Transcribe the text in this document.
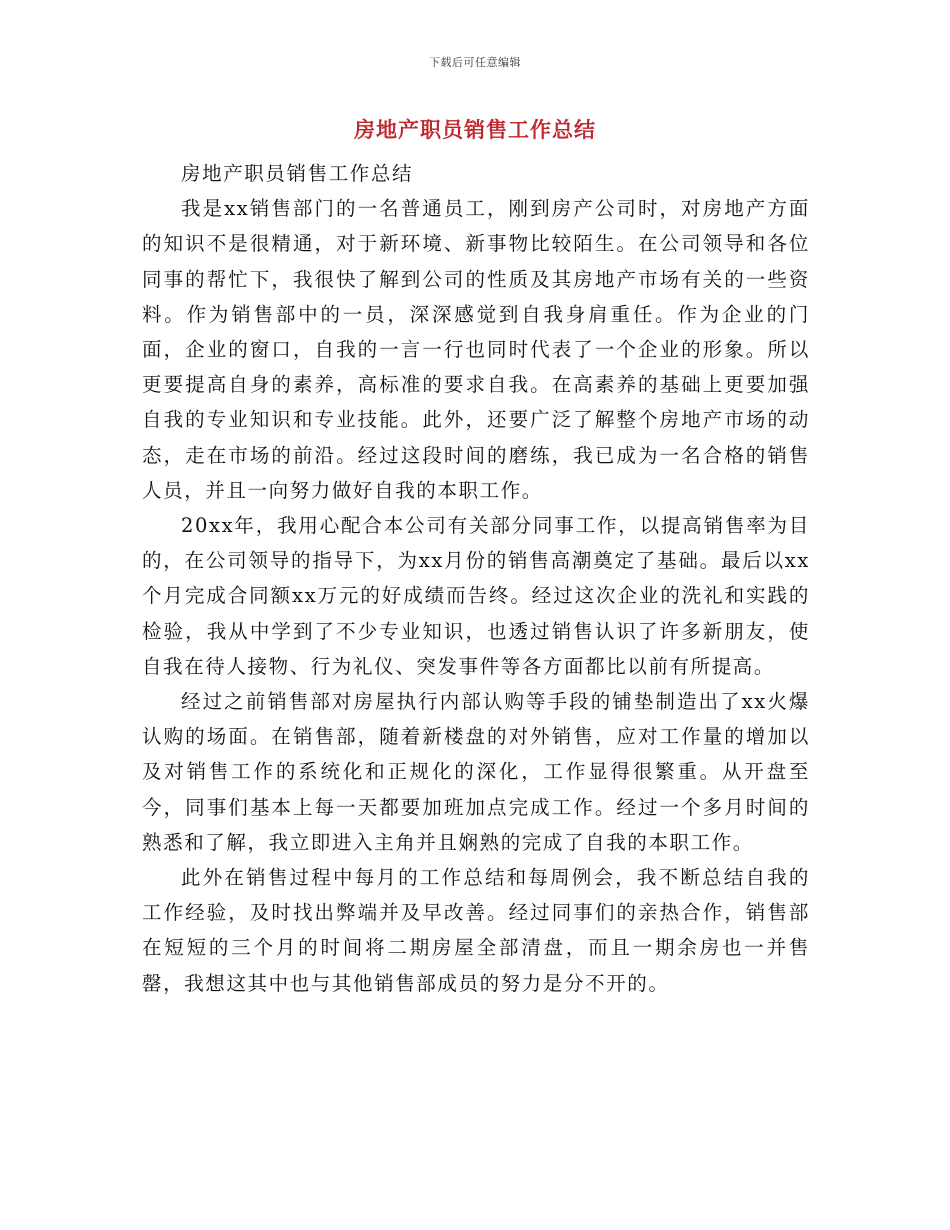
下载后可任意编辑
房地产职员销售工作总结

房地产职员销售工作总结

我是xx销售部门的一名普通员工，刚到房产公司时，对房地产方面的知识不是很精通，对于新环境、新事物比较陌生。在公司领导和各位同事的帮忙下，我很快了解到公司的性质及其房地产市场有关的一些资料。作为销售部中的一员，深深感觉到自我身肩重任。作为企业的门面，企业的窗口，自我的一言一行也同时代表了一个企业的形象。所以更要提高自身的素养，高标准的要求自我。在高素养的基础上更要加强自我的专业知识和专业技能。此外，还要广泛了解整个房地产市场的动态，走在市场的前沿。经过这段时间的磨练，我已成为一名合格的销售人员，并且一向努力做好自我的本职工作。

20xx年，我用心配合本公司有关部分同事工作，以提高销售率为目的，在公司领导的指导下，为xx月份的销售高潮奠定了基础。最后以xx个月完成合同额xx万元的好成绩而告终。经过这次企业的洗礼和实践的检验，我从中学到了不少专业知识，也透过销售认识了许多新朋友，使自我在待人接物、行为礼仪、突发事件等各方面都比以前有所提高。

经过之前销售部对房屋执行内部认购等手段的铺垫制造出了xx火爆认购的场面。在销售部，随着新楼盘的对外销售，应对工作量的增加以及对销售工作的系统化和正规化的深化，工作显得很繁重。从开盘至今，同事们基本上每一天都要加班加点完成工作。经过一个多月时间的熟悉和了解，我立即进入主角并且娴熟的完成了自我的本职工作。

此外在销售过程中每月的工作总结和每周例会，我不断总结自我的工作经验，及时找出弊端并及早改善。经过同事们的亲热合作，销售部在短短的三个月的时间将二期房屋全部清盘，而且一期余房也一并售罄，我想这其中也与其他销售部成员的努力是分不开的。
